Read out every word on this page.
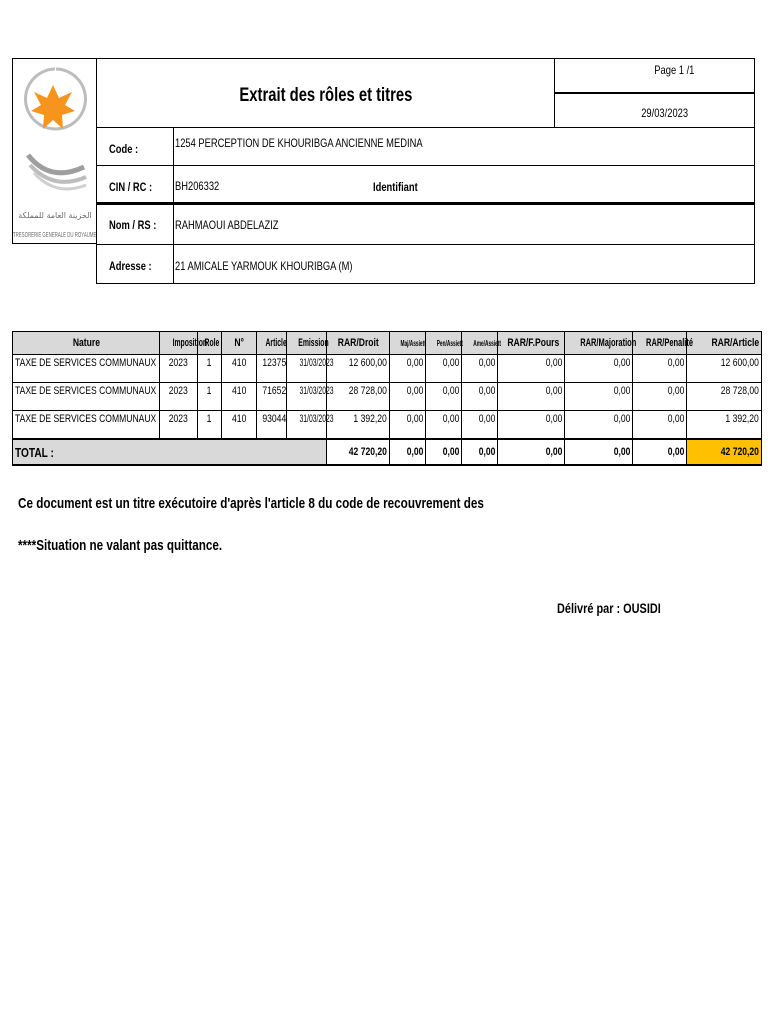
الخزينة العامة للمملكة
TRESORERIE GENERALE DU ROYAUME
Extrait des rôles et titres
Page 1 /1
29/03/2023
Code :	1254 PERCEPTION DE KHOURIBGA ANCIENNE MEDINA
CIN / RC :	BH206332	Identifiant
Nom / RS :	RAHMAOUI ABDELAZIZ
Adresse :	21 AMICALE YARMOUK KHOURIBGA (M)
Nature	Imposition	Role	N°	Article	Emission	RAR/Droit	Maj/Assiett	Pen/Assiett	Ame/Assiett	RAR/F.Pours	RAR/Majoration	RAR/Penalité	RAR/Article
TAXE DE SERVICES COMMUNAUX	2023	1	410	12375	31/03/2023	12 600,00	0,00	0,00	0,00	0,00	0,00	0,00	12 600,00
TAXE DE SERVICES COMMUNAUX	2023	1	410	71652	31/03/2023	28 728,00	0,00	0,00	0,00	0,00	0,00	0,00	28 728,00
TAXE DE SERVICES COMMUNAUX	2023	1	410	93044	31/03/2023	1 392,20	0,00	0,00	0,00	0,00	0,00	0,00	1 392,20
TOTAL :						42 720,20	0,00	0,00	0,00	0,00	0,00	0,00	42 720,20
Ce document est un titre exécutoire d'après l'article 8 du code de recouvrement des
****Situation ne valant pas quittance.
Délivré par : OUSIDI
